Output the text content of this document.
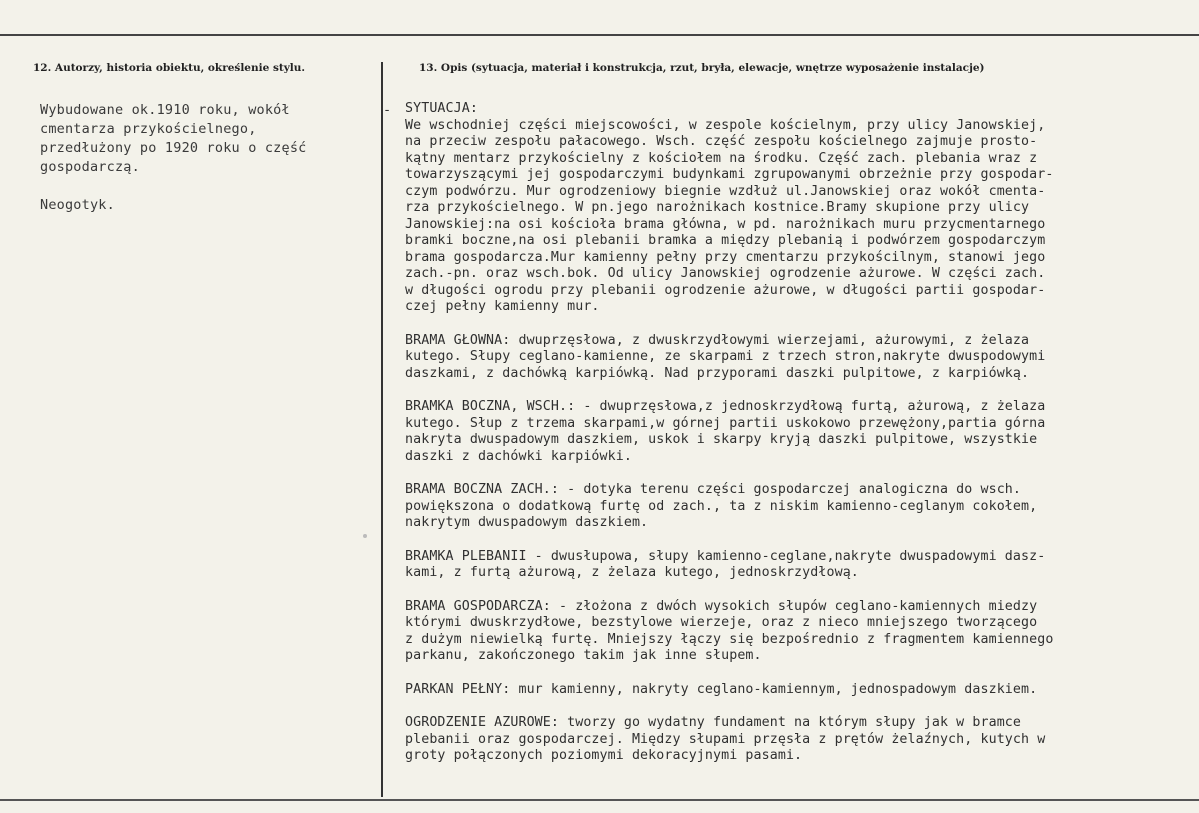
12. Autorzy, historia obiektu, określenie stylu.	13. Opis (sytuacja, materiał i konstrukcja, rzut, bryła, elewacje, wnętrze wyposażenie instalacje)
Wybudowane ok.1910 roku, wokół
cmentarza przykościelnego,
przedłużony po 1920 roku o część
gospodarczą.
Neogotyk.
- SYTUACJA:
We wschodniej części miejscowości, w zespole kościelnym, przy ulicy Janowskiej,
na przeciw zespołu pałacowego. Wsch. część zespołu kościelnego zajmuje prosto-
kątny mentarz przykościelny z kościołem na środku. Część zach. plebania wraz z
towarzyszącymi jej gospodarczymi budynkami zgrupowanymi obrzeżnie przy gospodar-
czym podwórzu. Mur ogrodzeniowy biegnie wzdłuż ul.Janowskiej oraz wokół cmenta-
rza przykościelnego. W pn.jego narożnikach kostnice.Bramy skupione przy ulicy
Janowskiej:na osi kościoła brama główna, w pd. narożnikach muru przycmentarnego
bramki boczne,na osi plebanii bramka a między plebanią i podwórzem gospodarczym
brama gospodarcza.Mur kamienny pełny przy cmentarzu przykościlnym, stanowi jego
zach.-pn. oraz wsch.bok. Od ulicy Janowskiej ogrodzenie ażurowe. W części zach.
w długości ogrodu przy plebanii ogrodzenie ażurowe, w długości partii gospodar-
czej pełny kamienny mur.
BRAMA GŁOWNA: dwuprzęsłowa, z dwuskrzydłowymi wierzejami, ażurowymi, z żelaza
kutego. Słupy ceglano-kamienne, ze skarpami z trzech stron,nakryte dwuspodowymi
daszkami, z dachówką karpiówką. Nad przyporami daszki pulpitowe, z karpiówką.
BRAMKA BOCZNA, WSCH.: - dwuprzęsłowa,z jednoskrzydłową furtą, ażurową, z żelaza
kutego. Słup z trzema skarpami,w górnej partii uskokowo przewężony,partia górna
nakryta dwuspadowym daszkiem, uskok i skarpy kryją daszki pulpitowe, wszystkie
daszki z dachówki karpiówki.
BRAMA BOCZNA ZACH.: - dotyka terenu części gospodarczej analogiczna do wsch.
powiększona o dodatkową furtę od zach., ta z niskim kamienno-ceglanym cokołem,
nakrytym dwuspadowym daszkiem.
BRAMKA PLEBANII - dwusłupowa, słupy kamienno-ceglane,nakryte dwuspadowymi dasz-
kami, z furtą ażurową, z żelaza kutego, jednoskrzydłową.
BRAMA GOSPODARCZA: - złożona z dwóch wysokich słupów ceglano-kamiennych miedzy
którymi dwuskrzydłowe, bezstylowe wierzeje, oraz z nieco mniejszego tworzącego
z dużym niewielką furtę. Mniejszy łączy się bezpośrednio z fragmentem kamiennego
parkanu, zakończonego takim jak inne słupem.
PARKAN PEŁNY: mur kamienny, nakryty ceglano-kamiennym, jednospadowym daszkiem.
OGRODZENIE AZUROWE: tworzy go wydatny fundament na którym słupy jak w bramce
plebanii oraz gospodarczej. Między słupami przęsła z prętów żelaźnych, kutych w
groty połączonych poziomymi dekoracyjnymi pasami.
